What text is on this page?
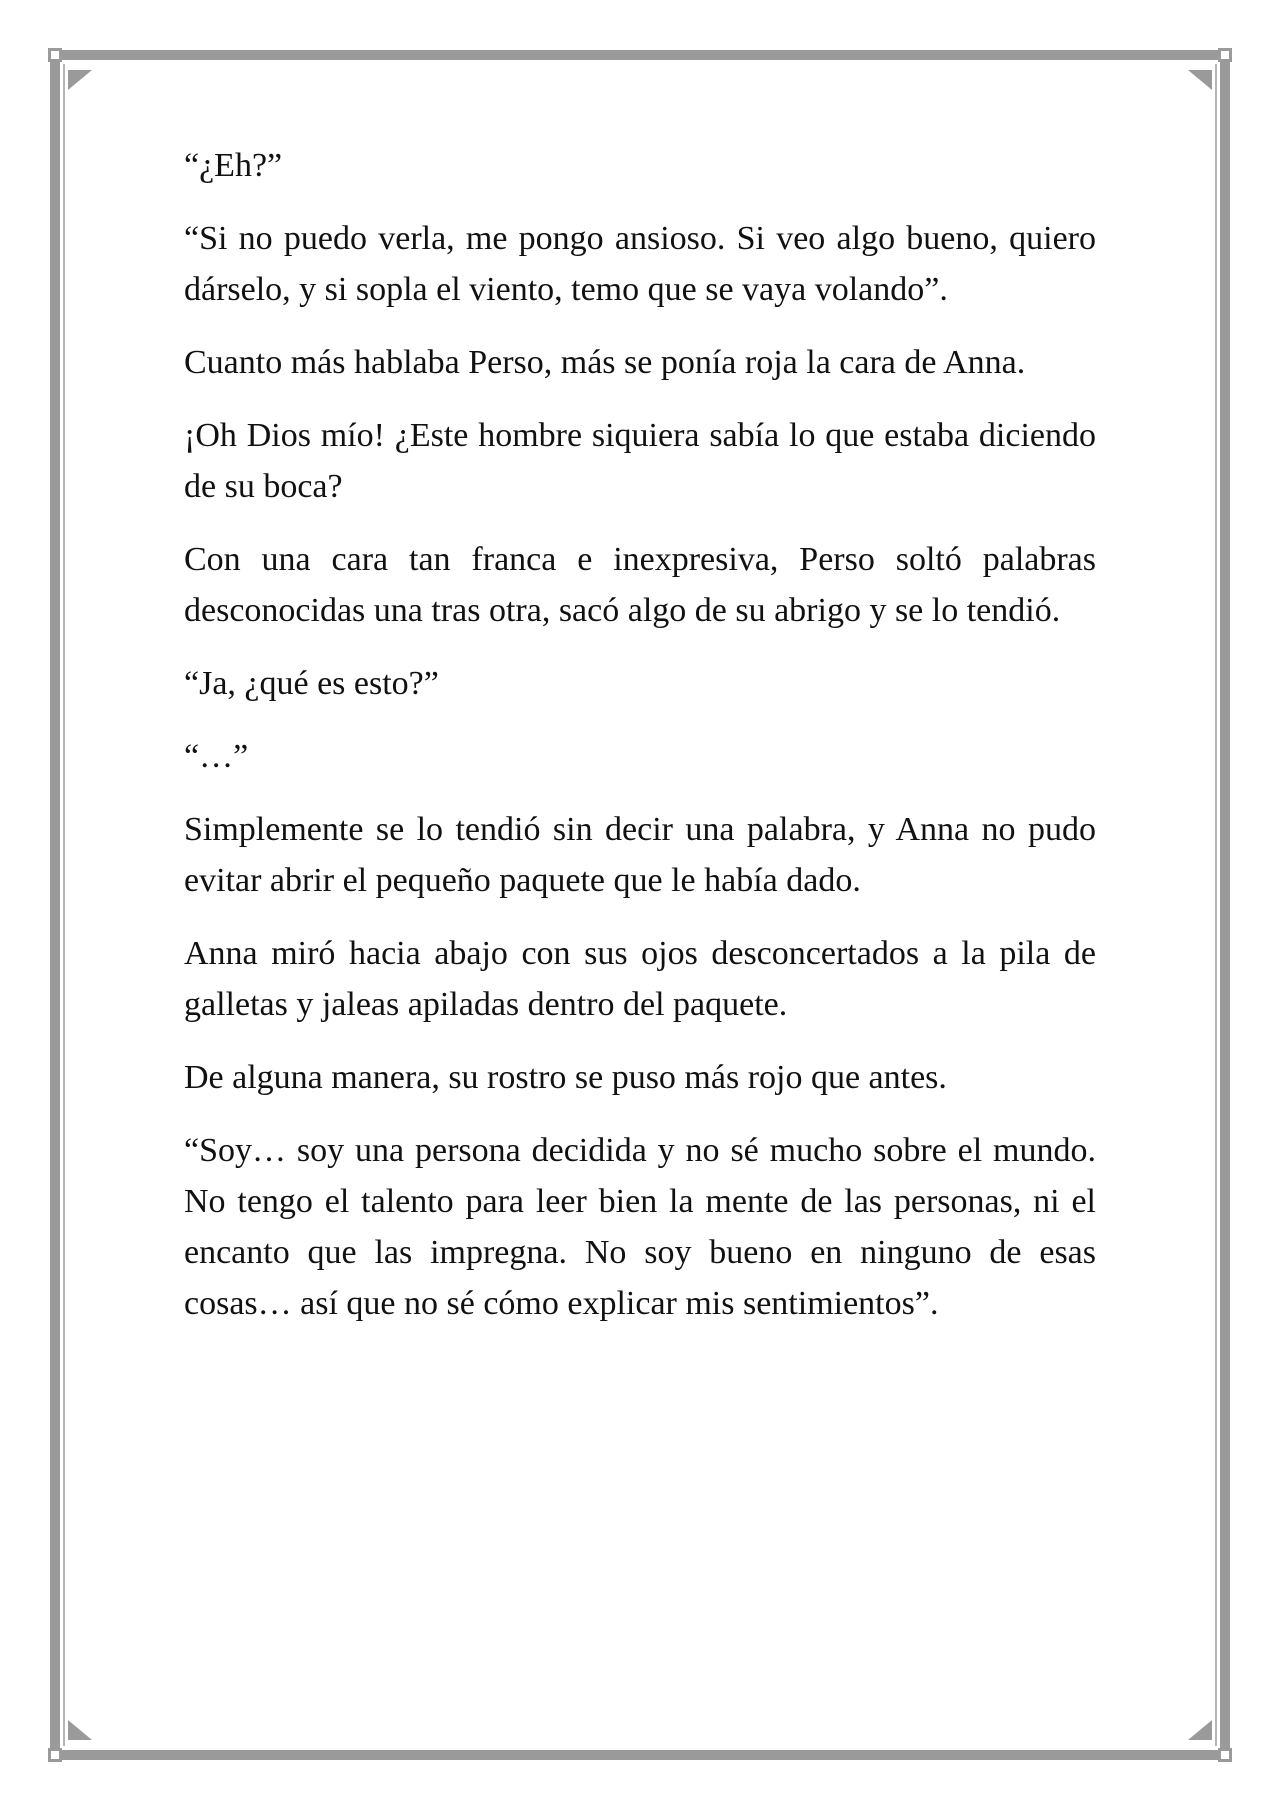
“¿Eh?”

“Si no puedo verla, me pongo ansioso. Si veo algo bueno, quiero dárselo, y si sopla el viento, temo que se vaya volando”.

Cuanto más hablaba Perso, más se ponía roja la cara de Anna.

¡Oh Dios mío! ¿Este hombre siquiera sabía lo que estaba diciendo de su boca?

Con una cara tan franca e inexpresiva, Perso soltó palabras desconocidas una tras otra, sacó algo de su abrigo y se lo tendió.

“Ja, ¿qué es esto?”

“…”

Simplemente se lo tendió sin decir una palabra, y Anna no pudo evitar abrir el pequeño paquete que le había dado.

Anna miró hacia abajo con sus ojos desconcertados a la pila de galletas y jaleas apiladas dentro del paquete.

De alguna manera, su rostro se puso más rojo que antes.

“Soy… soy una persona decidida y no sé mucho sobre el mundo. No tengo el talento para leer bien la mente de las personas, ni el encanto que las impregna. No soy bueno en ninguno de esas cosas… así que no sé cómo explicar mis sentimientos”.
